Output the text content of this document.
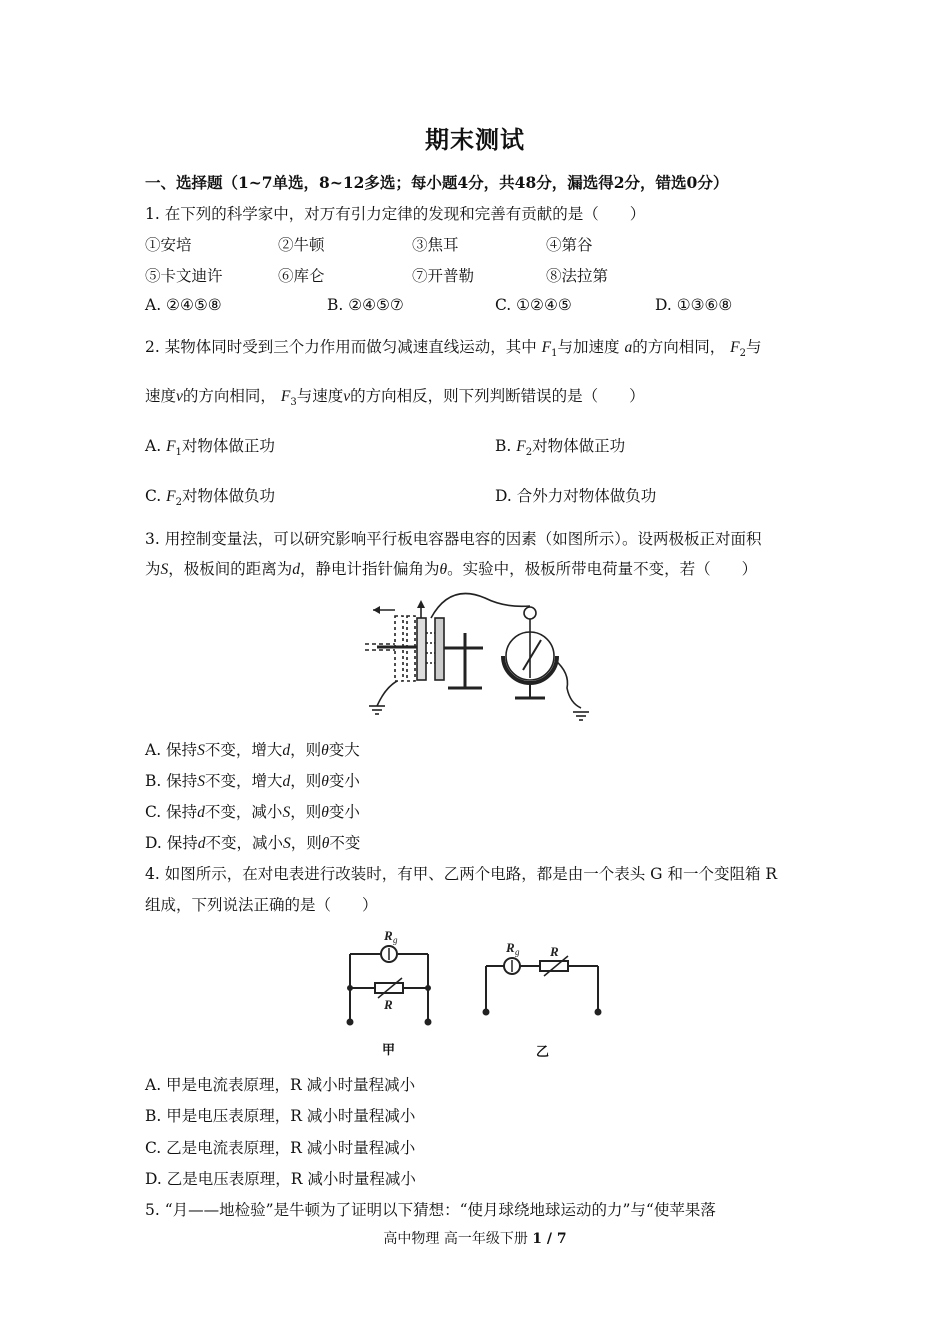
期末测试
一、选择题（1~7单选，8~12多选；每小题4分，共48分，漏选得2分，错选0分）
1. 在下列的科学家中，对万有引力定律的发现和完善有贡献的是（　　）
①安培	②牛顿	③焦耳	④第谷
⑤卡文迪许	⑥库仑	⑦开普勒	⑧法拉第
A. ②④⑤⑧	B. ②④⑤⑦	C. ①②④⑤	D. ①③⑥⑧
2. 某物体同时受到三个力作用而做匀减速直线运动，其中 $F_1$与加速度 a的方向相同， $F_2$与
速度v的方向相同， $F_3$与速度v的方向相反，则下列判断错误的是（　　）
A. $F_1$对物体做正功	B. $F_2$对物体做正功
C. $F_2$对物体做负功	D. 合外力对物体做负功
3. 用控制变量法，可以研究影响平行板电容器电容的因素（如图所示）。设两极板正对面积
为S，极板间的距离为d，静电计指针偏角为θ。实验中，极板所带电荷量不变，若（　　）
A. 保持S不变，增大d，则θ变大
B. 保持S不变，增大d，则θ变小
C. 保持d不变，减小S，则θ变小
D. 保持d不变，减小S，则θ不变
4. 如图所示，在对电表进行改装时，有甲、乙两个电路，都是由一个表头 G 和一个变阻箱 R
组成，下列说法正确的是（　　）
R g
R
甲
R g R
乙
A. 甲是电流表原理，R 减小时量程减小
B. 甲是电压表原理，R 减小时量程减小
C. 乙是电流表原理，R 减小时量程减小
D. 乙是电压表原理，R 减小时量程减小
5. “月——地检验”是牛顿为了证明以下猜想：“使月球绕地球运动的力”与“使苹果落
高中物理 高一年级下册 1 / 7
